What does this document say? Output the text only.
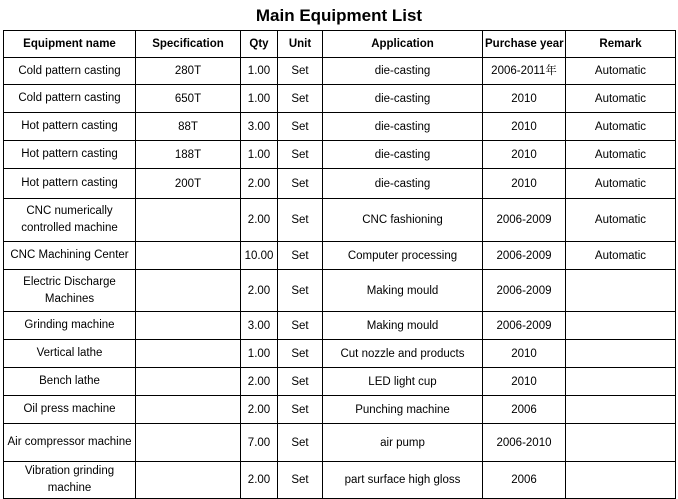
Main Equipment List
Equipment name	Specification	Qty	Unit	Application	Purchase year	Remark
Cold pattern casting	280T	1.00	Set	die-casting	2006-2011年	Automatic
Cold pattern casting	650T	1.00	Set	die-casting	2010	Automatic
Hot pattern casting	88T	3.00	Set	die-casting	2010	Automatic
Hot pattern casting	188T	1.00	Set	die-casting	2010	Automatic
Hot pattern casting	200T	2.00	Set	die-casting	2010	Automatic
CNC numerically controlled machine		2.00	Set	CNC fashioning	2006-2009	Automatic
CNC Machining Center		10.00	Set	Computer processing	2006-2009	Automatic
Electric Discharge Machines		2.00	Set	Making mould	2006-2009	
Grinding machine		3.00	Set	Making mould	2006-2009	
Vertical lathe		1.00	Set	Cut nozzle and products	2010	
Bench lathe		2.00	Set	LED light cup	2010	
Oil press machine		2.00	Set	Punching machine	2006	
Air compressor machine		7.00	Set	air pump	2006-2010	
Vibration grinding machine		2.00	Set	part surface high gloss	2006	
